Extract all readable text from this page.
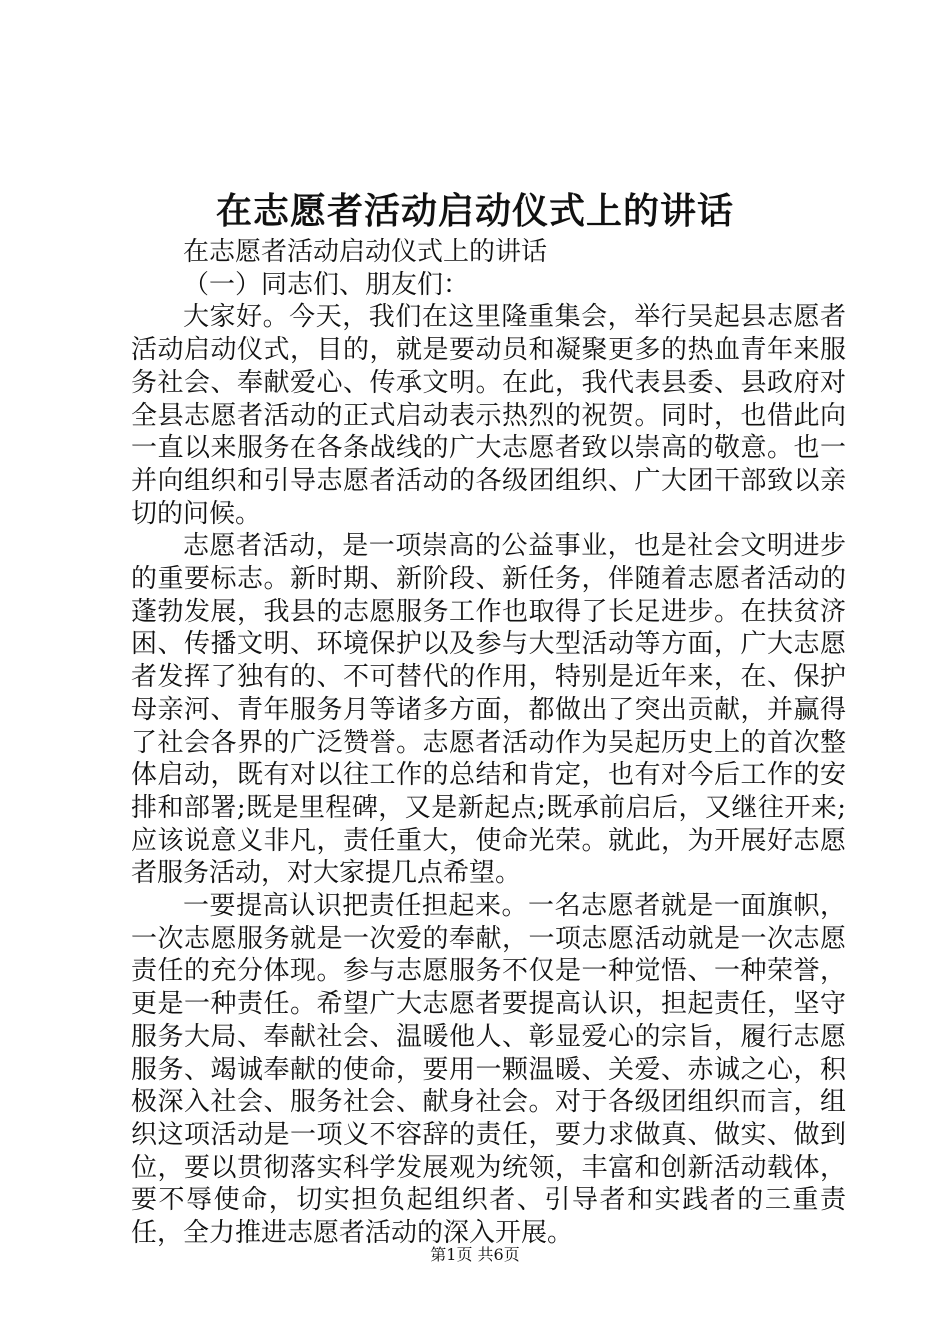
在志愿者活动启动仪式上的讲话

在志愿者活动启动仪式上的讲话

（一）同志们、朋友们：

大家好。今天，我们在这里隆重集会，举行吴起县志愿者活动启动仪式，目的，就是要动员和凝聚更多的热血青年来服务社会、奉献爱心、传承文明。在此，我代表县委、县政府对全县志愿者活动的正式启动表示热烈的祝贺。同时，也借此向一直以来服务在各条战线的广大志愿者致以崇高的敬意。也一并向组织和引导志愿者活动的各级团组织、广大团干部致以亲切的问候。

志愿者活动，是一项崇高的公益事业，也是社会文明进步的重要标志。新时期、新阶段、新任务，伴随着志愿者活动的蓬勃发展，我县的志愿服务工作也取得了长足进步。在扶贫济困、传播文明、环境保护以及参与大型活动等方面，广大志愿者发挥了独有的、不可替代的作用，特别是近年来，在、保护母亲河、青年服务月等诸多方面，都做出了突出贡献，并赢得了社会各界的广泛赞誉。志愿者活动作为吴起历史上的首次整体启动，既有对以往工作的总结和肯定，也有对今后工作的安排和部署;既是里程碑，又是新起点;既承前启后，又继往开来;应该说意义非凡，责任重大，使命光荣。就此，为开展好志愿者服务活动，对大家提几点希望。

一要提高认识把责任担起来。一名志愿者就是一面旗帜，一次志愿服务就是一次爱的奉献，一项志愿活动就是一次志愿责任的充分体现。参与志愿服务不仅是一种觉悟、一种荣誉，更是一种责任。希望广大志愿者要提高认识，担起责任，坚守服务大局、奉献社会、温暖他人、彰显爱心的宗旨，履行志愿服务、竭诚奉献的使命，要用一颗温暖、关爱、赤诚之心，积极深入社会、服务社会、献身社会。对于各级团组织而言，组织这项活动是一项义不容辞的责任，要力求做真、做实、做到位，要以贯彻落实科学发展观为统领，丰富和创新活动载体，要不辱使命，切实担负起组织者、引导者和实践者的三重责任，全力推进志愿者活动的深入开展。

第1页 共6页
